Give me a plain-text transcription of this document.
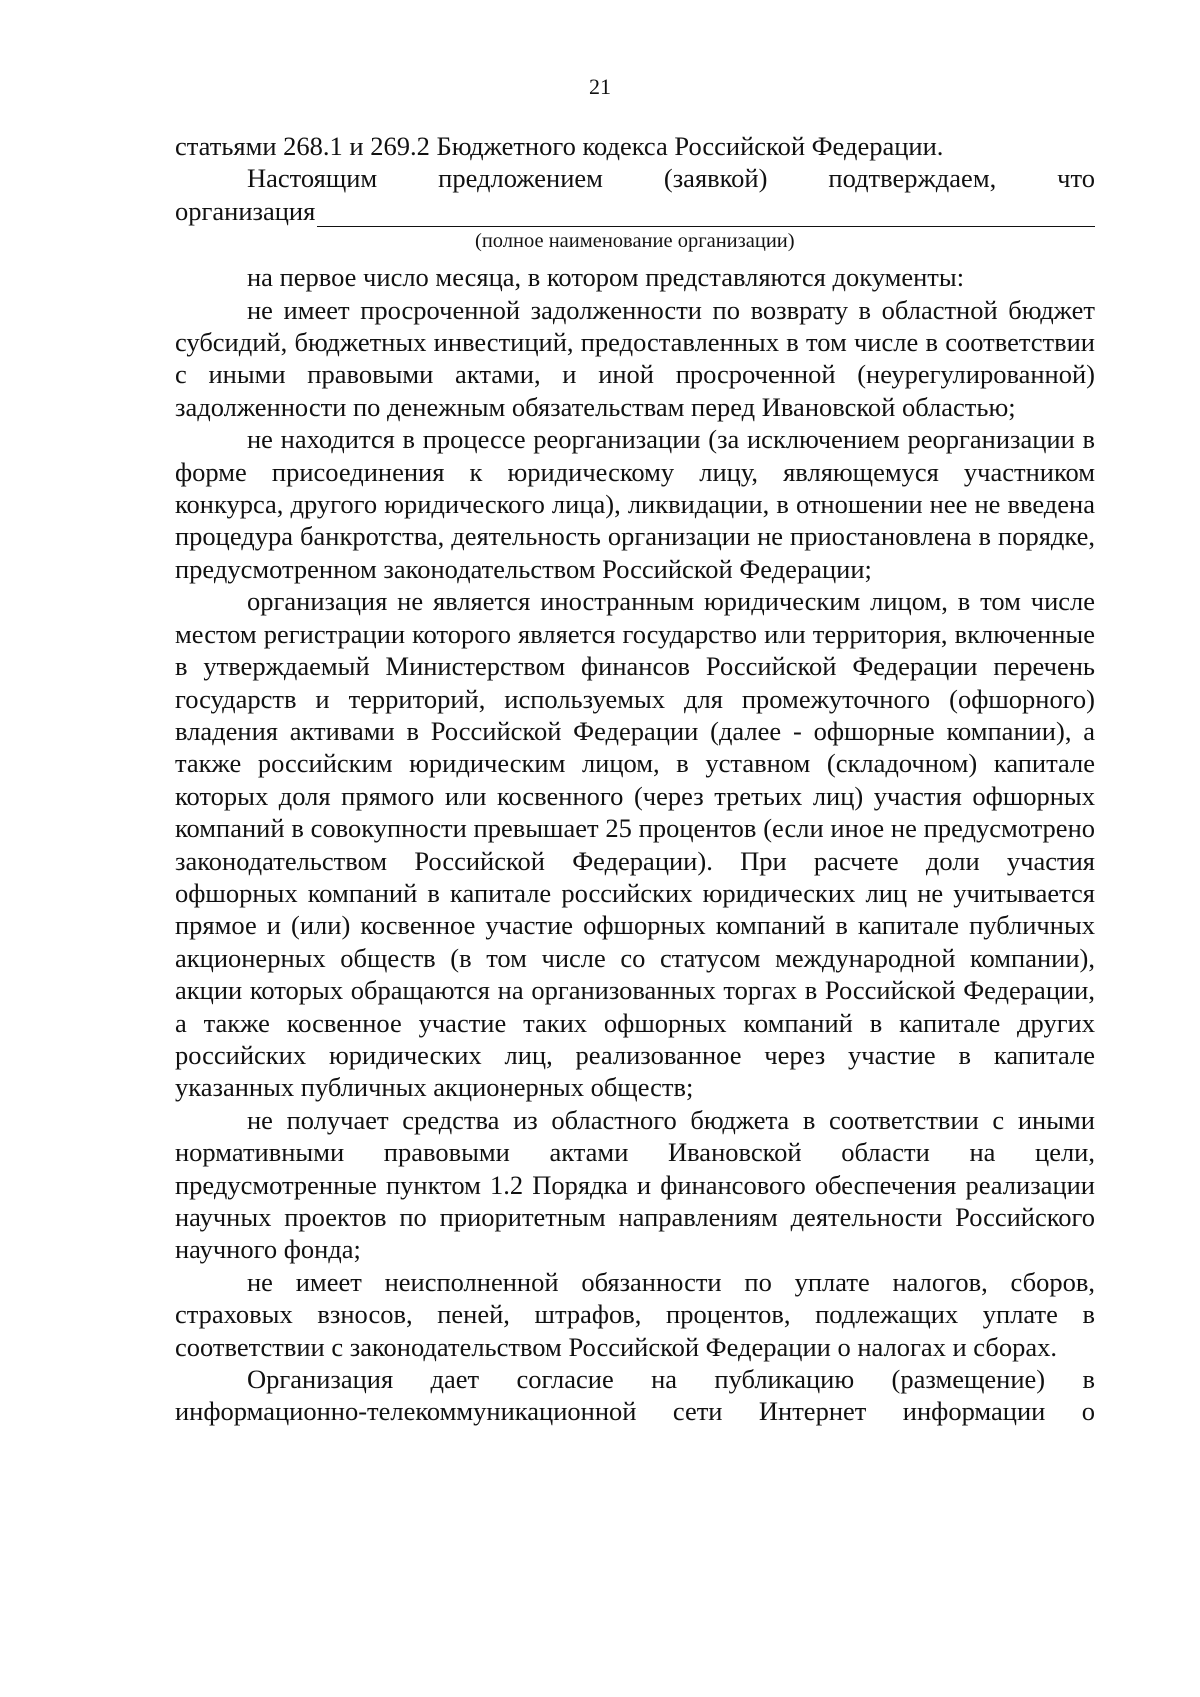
21

статьями 268.1 и 269.2 Бюджетного кодекса Российской Федерации.

Настоящим предложением (заявкой) подтверждаем, что

организация

(полное наименование организации)

на первое число месяца, в котором представляются документы:

не имеет просроченной задолженности по возврату в областной бюджет субсидий, бюджетных инвестиций, предоставленных в том числе в соответствии с иными правовыми актами, и иной просроченной (неурегулированной) задолженности по денежным обязательствам перед Ивановской областью;

не находится в процессе реорганизации (за исключением реорганизации в форме присоединения к юридическому лицу, являющемуся участником конкурса, другого юридического лица), ликвидации, в отношении нее не введена процедура банкротства, деятельность организации не приостановлена в порядке, предусмотренном законодательством Российской Федерации;

организация не является иностранным юридическим лицом, в том числе местом регистрации которого является государство или территория, включенные в утверждаемый Министерством финансов Российской Федерации перечень государств и территорий, используемых для промежуточного (офшорного) владения активами в Российской Федерации (далее - офшорные компании), а также российским юридическим лицом, в уставном (складочном) капитале которых доля прямого или косвенного (через третьих лиц) участия офшорных компаний в совокупности превышает 25 процентов (если иное не предусмотрено законодательством Российской Федерации). При расчете доли участия офшорных компаний в капитале российских юридических лиц не учитывается прямое и (или) косвенное участие офшорных компаний в капитале публичных акционерных обществ (в том числе со статусом международной компании), акции которых обращаются на организованных торгах в Российской Федерации, а также косвенное участие таких офшорных компаний в капитале других российских юридических лиц, реализованное через участие в капитале указанных публичных акционерных обществ;

не получает средства из областного бюджета в соответствии с иными нормативными правовыми актами Ивановской области на цели, предусмотренные пунктом 1.2 Порядка и финансового обеспечения реализации научных проектов по приоритетным направлениям деятельности Российского научного фонда;

не имеет неисполненной обязанности по уплате налогов, сборов, страховых взносов, пеней, штрафов, процентов, подлежащих уплате в соответствии с законодательством Российской Федерации о налогах и сборах.

Организация дает согласие на публикацию (размещение) в информационно-телекоммуникационной сети Интернет информации о
